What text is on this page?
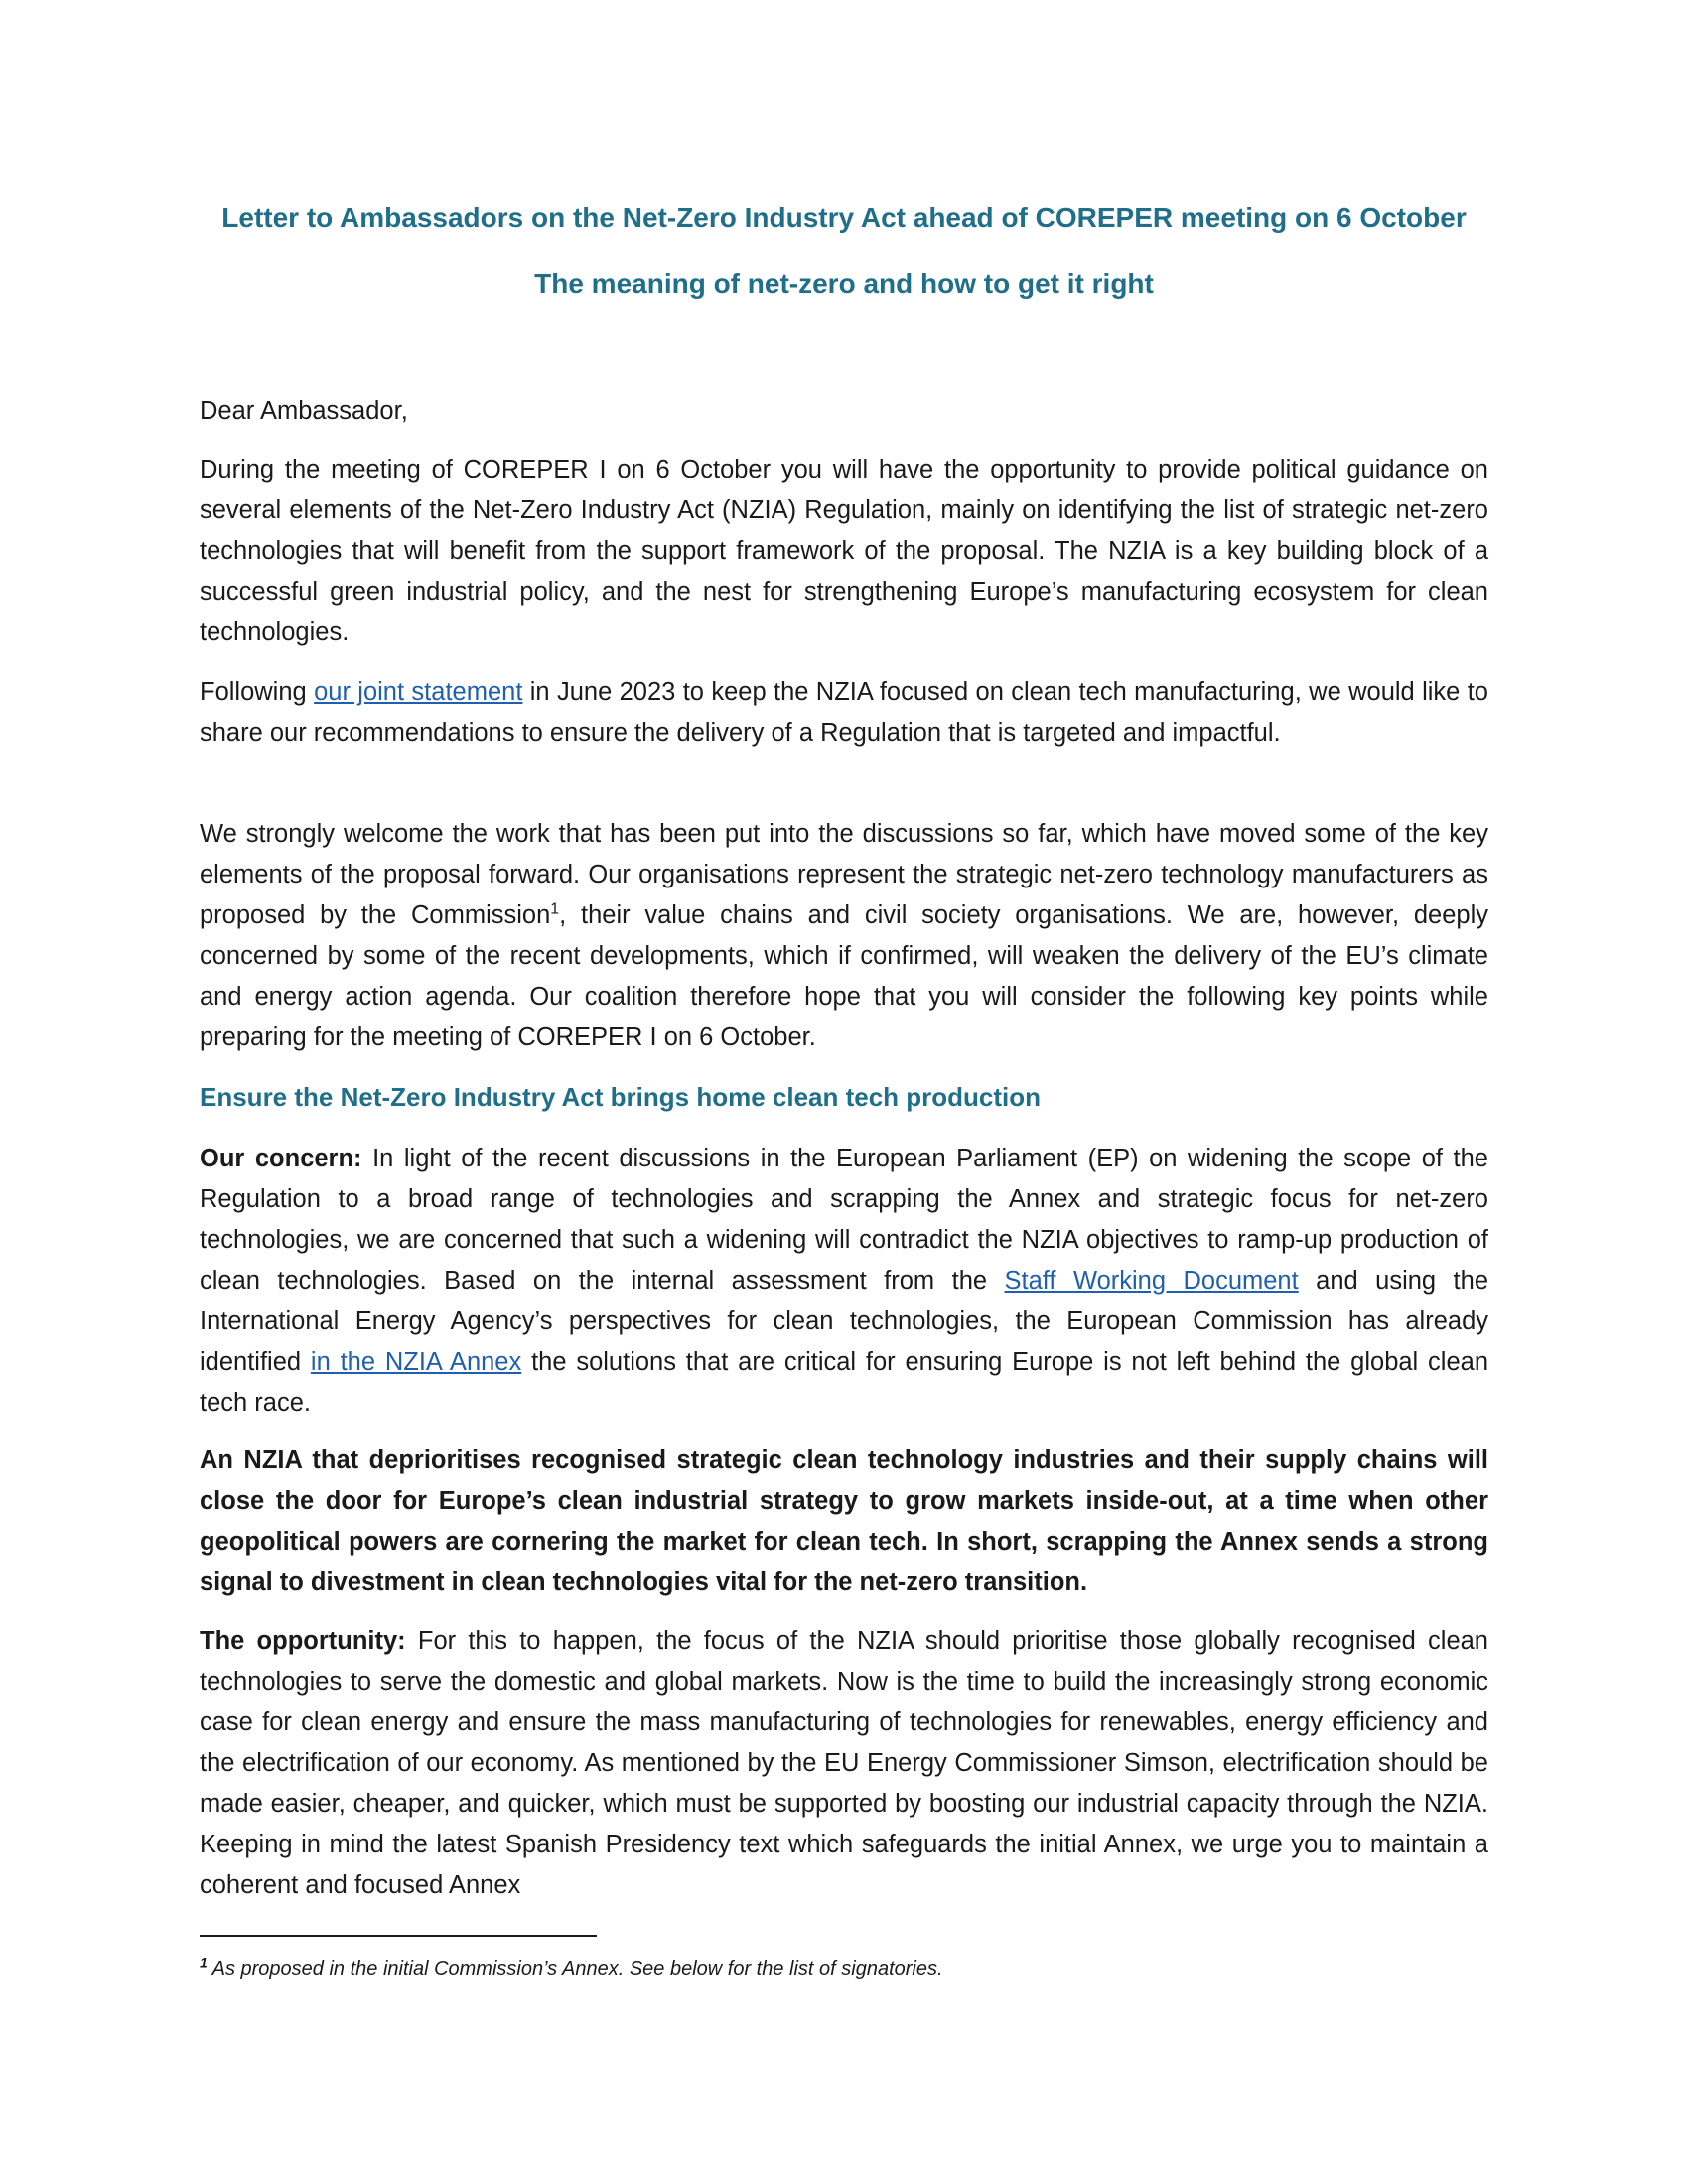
Letter to Ambassadors on the Net-Zero Industry Act ahead of COREPER meeting on 6 October
The meaning of net-zero and how to get it right

Dear Ambassador,

During the meeting of COREPER I on 6 October you will have the opportunity to provide political guidance on several elements of the Net-Zero Industry Act (NZIA) Regulation, mainly on identifying the list of strategic net-zero technologies that will benefit from the support framework of the proposal. The NZIA is a key building block of a successful green industrial policy, and the nest for strengthening Europe’s manufacturing ecosystem for clean technologies.

Following our joint statement in June 2023 to keep the NZIA focused on clean tech manufacturing, we would like to share our recommendations to ensure the delivery of a Regulation that is targeted and impactful.

We strongly welcome the work that has been put into the discussions so far, which have moved some of the key elements of the proposal forward. Our organisations represent the strategic net-zero technology manufacturers as proposed by the Commission$^1$, their value chains and civil society organisations. We are, however, deeply concerned by some of the recent developments, which if confirmed, will weaken the delivery of the EU’s climate and energy action agenda. Our coalition therefore hope that you will consider the following key points while preparing for the meeting of COREPER I on 6 October.

Ensure the Net-Zero Industry Act brings home clean tech production

Our concern: In light of the recent discussions in the European Parliament (EP) on widening the scope of the Regulation to a broad range of technologies and scrapping the Annex and strategic focus for net-zero technologies, we are concerned that such a widening will contradict the NZIA objectives to ramp-up production of clean technologies. Based on the internal assessment from the Staff Working Document and using the International Energy Agency’s perspectives for clean technologies, the European Commission has already identified in the NZIA Annex the solutions that are critical for ensuring Europe is not left behind the global clean tech race.

An NZIA that deprioritises recognised strategic clean technology industries and their supply chains will close the door for Europe’s clean industrial strategy to grow markets inside-out, at a time when other geopolitical powers are cornering the market for clean tech. In short, scrapping the Annex sends a strong signal to divestment in clean technologies vital for the net-zero transition.

The opportunity: For this to happen, the focus of the NZIA should prioritise those globally recognised clean technologies to serve the domestic and global markets. Now is the time to build the increasingly strong economic case for clean energy and ensure the mass manufacturing of technologies for renewables, energy efficiency and the electrification of our economy. As mentioned by the EU Energy Commissioner Simson, electrification should be made easier, cheaper, and quicker, which must be supported by boosting our industrial capacity through the NZIA. Keeping in mind the latest Spanish Presidency text which safeguards the initial Annex, we urge you to maintain a coherent and focused Annex

$^1$ As proposed in the initial Commission’s Annex. See below for the list of signatories.
